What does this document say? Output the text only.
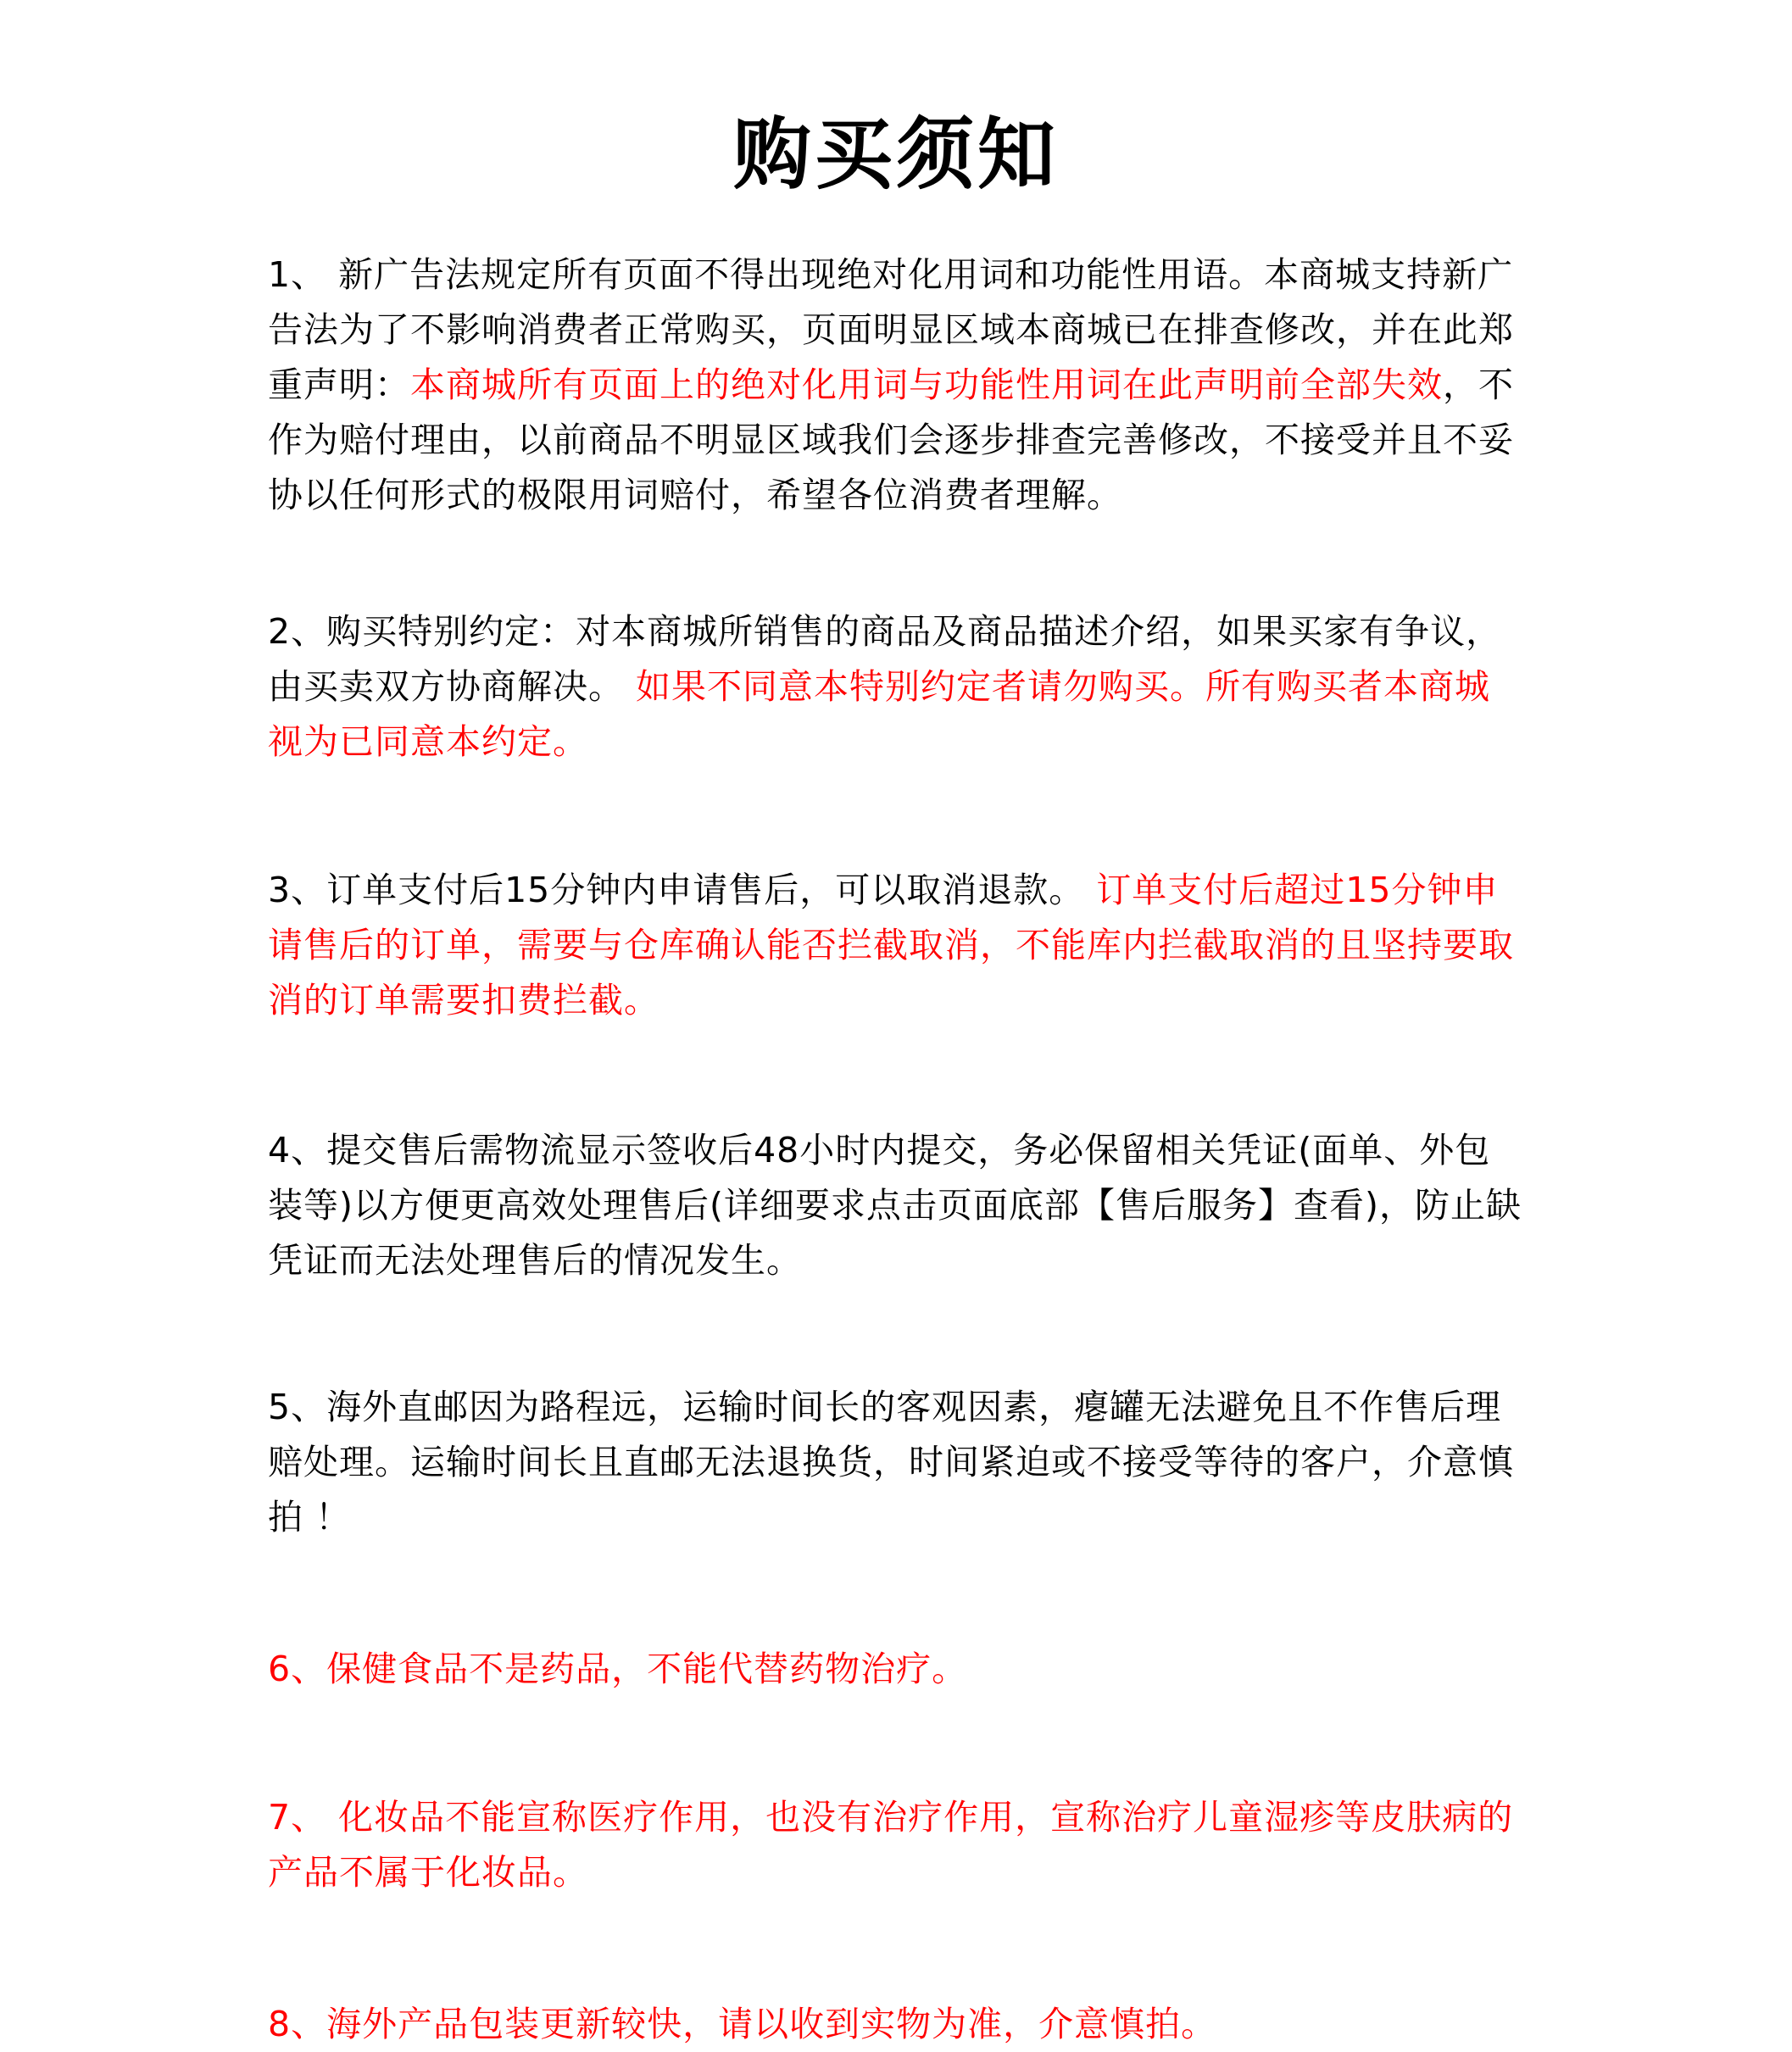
购买须知

1、 新广告法规定所有页面不得出现绝对化用词和功能性用语。本商城支持新广告法为了不影响消费者正常购买，页面明显区域本商城已在排查修改，并在此郑 重声明：本商城所有页面上的绝对化用词与功能性用词在此声明前全部失效，不作为赔付理由，以前商品不明显区域我们会逐步排查完善修改，不接受并且不妥协以任何形式的极限用词赔付，希望各位消费者理解。

2、购买特别约定：对本商城所销售的商品及商品描述介绍，如果买家有争议，由买卖双方协商解决。 如果不同意本特别约定者请勿购买。所有购买者本商城视为已同意本约定。

3、订单支付后15分钟内申请售后，可以取消退款。 订单支付后超过15分钟申请售后的订单，需要与仓库确认能否拦截取消，不能库内拦截取消的且坚持要取消的订单需要扣费拦截。

4、提交售后需物流显示签收后48小时内提交，务必保留相关凭证(面单、外包装等)以方便更高效处理售后(详细要求点击页面底部【售后服务】查看)，防止缺凭证而无法处理售后的情况发生。

5、海外直邮因为路程远，运输时间长的客观因素，瘪罐无法避免且不作售后理赔处理。运输时间长且直邮无法退换货，时间紧迫或不接受等待的客户，介意慎拍 ！

6、保健食品不是药品，不能代替药物治疗。

7、 化妆品不能宣称医疗作用，也没有治疗作用，宣称治疗儿童湿疹等皮肤病的 产品不属于化妆品。

8、海外产品包装更新较快，请以收到实物为准，介意慎拍。
